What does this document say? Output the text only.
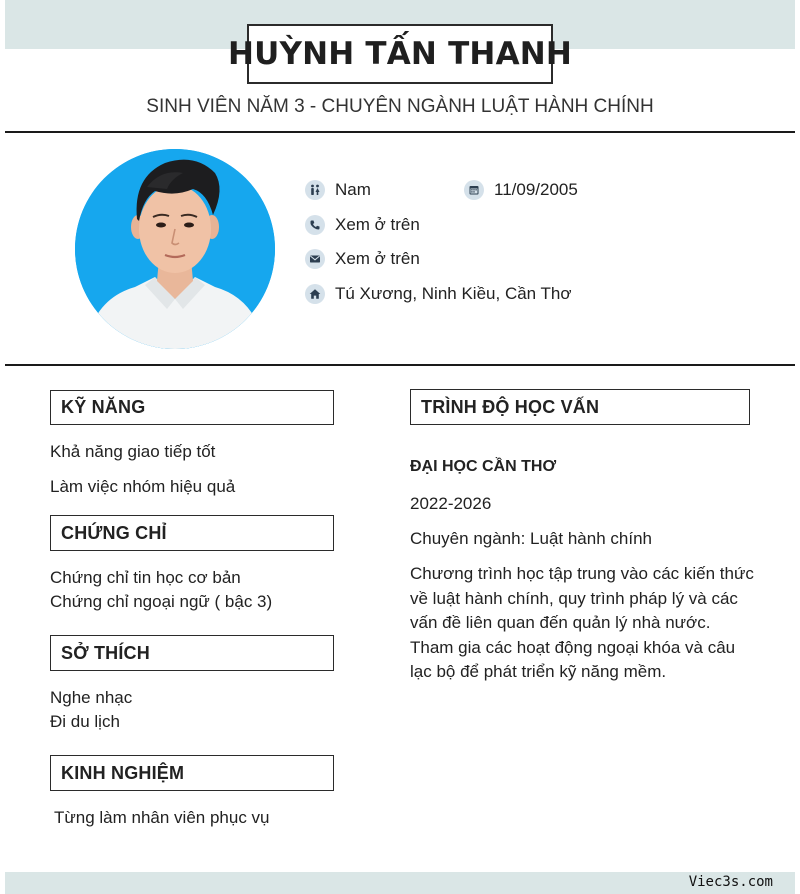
HUỲNH TẤN THANH
SINH VIÊN NĂM 3 - CHUYÊN NGÀNH LUẬT HÀNH CHÍNH
Nam	11/09/2005
Xem ở trên
Xem ở trên
Tú Xương, Ninh Kiều, Cần Thơ
KỸ NĂNG
Khả năng giao tiếp tốt
Làm việc nhóm hiệu quả
CHỨNG CHỈ
Chứng chỉ tin học cơ bản
Chứng chỉ ngoại ngữ ( bậc 3)
SỞ THÍCH
Nghe nhạc
Đi du lịch
KINH NGHIỆM
Từng làm nhân viên phục vụ
TRÌNH ĐỘ HỌC VẤN
ĐẠI HỌC CẦN THƠ
2022-2026
Chuyên ngành: Luật hành chính
Chương trình học tập trung vào các kiến thức về luật hành chính, quy trình pháp lý và các vấn đề liên quan đến quản lý nhà nước. Tham gia các hoạt động ngoại khóa và câu lạc bộ để phát triển kỹ năng mềm.
Viec3s.com
